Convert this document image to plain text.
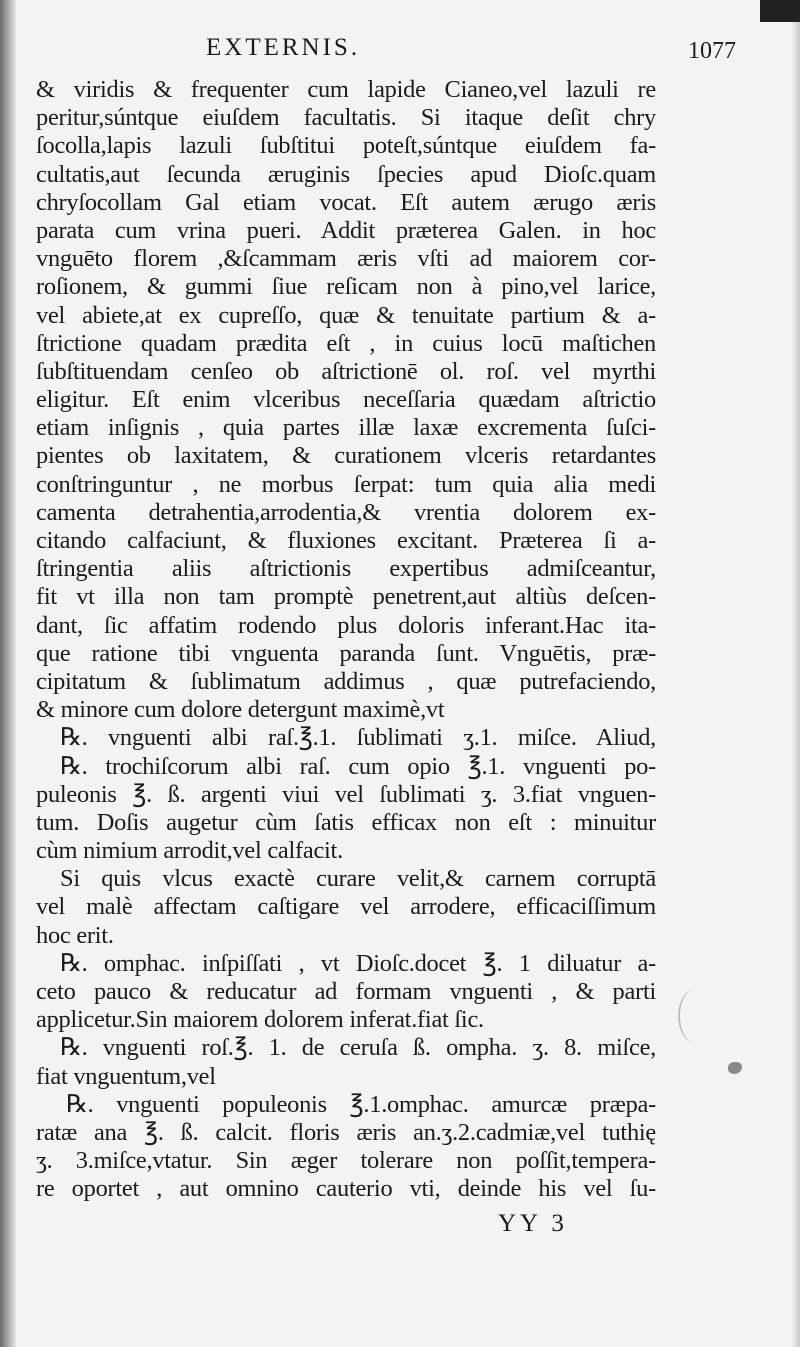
EXTERNIS.	1077
& viridis & frequenter cum lapide Cianeo,vel lazuli re
peritur,súntque eiuſdem facultatis. Si itaque deſit chry
ſocolla,lapis lazuli ſubſtitui poteſt,súntque eiuſdem fa-
cultatis,aut ſecunda æruginis ſpecies apud Dioſc.quam
chryſocollam Gal etiam vocat. Eſt autem ærugo æris
parata cum vrina pueri. Addit præterea Galen. in hoc
vnguēto florem ,&ſcammam æris vſti ad maiorem cor-
roſionem, & gummi ſiue reſicam non à pino,vel larice,
vel abiete,at ex cupreſſo, quæ & tenuitate partium & a-
ſtrictione quadam prædita eſt , in cuius locū maſtichen
ſubſtituendam cenſeo ob aſtrictionē ol. roſ. vel myrthi
eligitur. Eſt enim vlceribus neceſſaria quædam aſtrictio
etiam inſignis , quia partes illæ laxæ excrementa ſuſci-
pientes ob laxitatem, & curationem vlceris retardantes
conſtringuntur , ne morbus ſerpat: tum quia alia medi
camenta detrahentia,arrodentia,& vrentia dolorem ex-
citando calfaciunt, & fluxiones excitant. Præterea ſi a-
ſtringentia aliis aſtrictionis expertibus admiſceantur,
fit vt illa non tam promptè penetrent,aut altiùs deſcen-
dant, ſic affatim rodendo plus doloris inferant.Hac ita-
que ratione tibi vnguenta paranda ſunt. Vnguētis, præ-
cipitatum & ſublimatum addimus , quæ putrefaciendo,
& minore cum dolore detergunt maximè,vt
℞. vnguenti albi raſ.℥.1. ſublimati ʒ.1. miſce. Aliud,
℞. trochiſcorum albi raſ. cum opio ℥.1. vnguenti po-
puleonis ℥. ß. argenti viui vel ſublimati ʒ. 3.fiat vnguen-
tum. Doſis augetur cùm ſatis efficax non eſt : minuitur
cùm nimium arrodit,vel calfacit.
Si quis vlcus exactè curare velit,& carnem corruptā
vel malè affectam caſtigare vel arrodere, efficaciſſimum
hoc erit.
℞. omphac. inſpiſſati , vt Dioſc.docet ℥. 1 diluatur a-
ceto pauco & reducatur ad formam vnguenti , & parti
applicetur.Sin maiorem dolorem inferat.fiat ſic.
℞. vnguenti roſ.℥. 1. de ceruſa ß. ompha. ʒ. 8. miſce,
fiat vnguentum,vel
℞. vnguenti populeonis ℥.1.omphac. amurcæ præpa-
ratæ ana ℥. ß. calcit. floris æris an.ʒ.2.cadmiæ,vel tuthię
ʒ. 3.miſce,vtatur. Sin æger tolerare non poſſit,tempera-
re oportet , aut omnino cauterio vti, deinde his vel ſu-
YY 3
